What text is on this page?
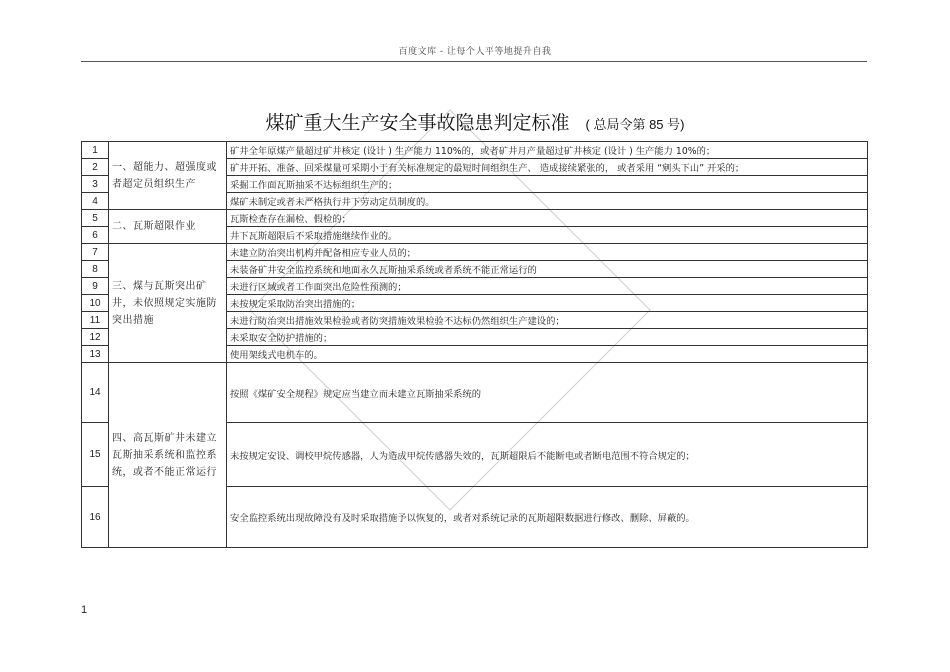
百度文库 - 让每个人平等地提升自我
煤矿重大生产安全事故隐患判定标准 ( 总局令第 85 号)
1	一、超能力、超强度或者超定员组织生产	矿井全年原煤产量超过矿井核定 (设计 ) 生产能力 110%的，或者矿井月产量超过矿井核定 (设计 ) 生产能力 10%的；
2		矿井开拓、准备、回采煤量可采期小于有关标准规定的最短时间组织生产、 造成接续紧张的， 或者采用 “剜头下山” 开采的；
3		采掘工作面瓦斯抽采不达标组织生产的；
4		煤矿未制定或者未严格执行井下劳动定员制度的。
5	二、瓦斯超限作业	瓦斯检查存在漏检、假检的；
6		井下瓦斯超限后不采取措施继续作业的。
7	三、煤与瓦斯突出矿井，未依照规定实施防突出措施	未建立防治突出机构并配备相应专业人员的；
8		未装备矿井安全监控系统和地面永久瓦斯抽采系统或者系统不能正常运行的
9		未进行区域或者工作面突出危险性预测的；
10		未按规定采取防治突出措施的；
11		未进行防治突出措施效果检验或者防突措施效果检验不达标仍然组织生产建设的；
12		未采取安全防护措施的；
13		使用架线式电机车的。
14	四、高瓦斯矿井未建立瓦斯抽采系统和监控系统，或者不能正常运行	按照《煤矿安全规程》规定应当建立而未建立瓦斯抽采系统的
15		未按规定安设、调校甲烷传感器，人为造成甲烷传感器失效的，瓦斯超限后不能断电或者断电范围不符合规定的；
16		安全监控系统出现故障没有及时采取措施予以恢复的，或者对系统记录的瓦斯超限数据进行修改、删除、屏蔽的。
1
